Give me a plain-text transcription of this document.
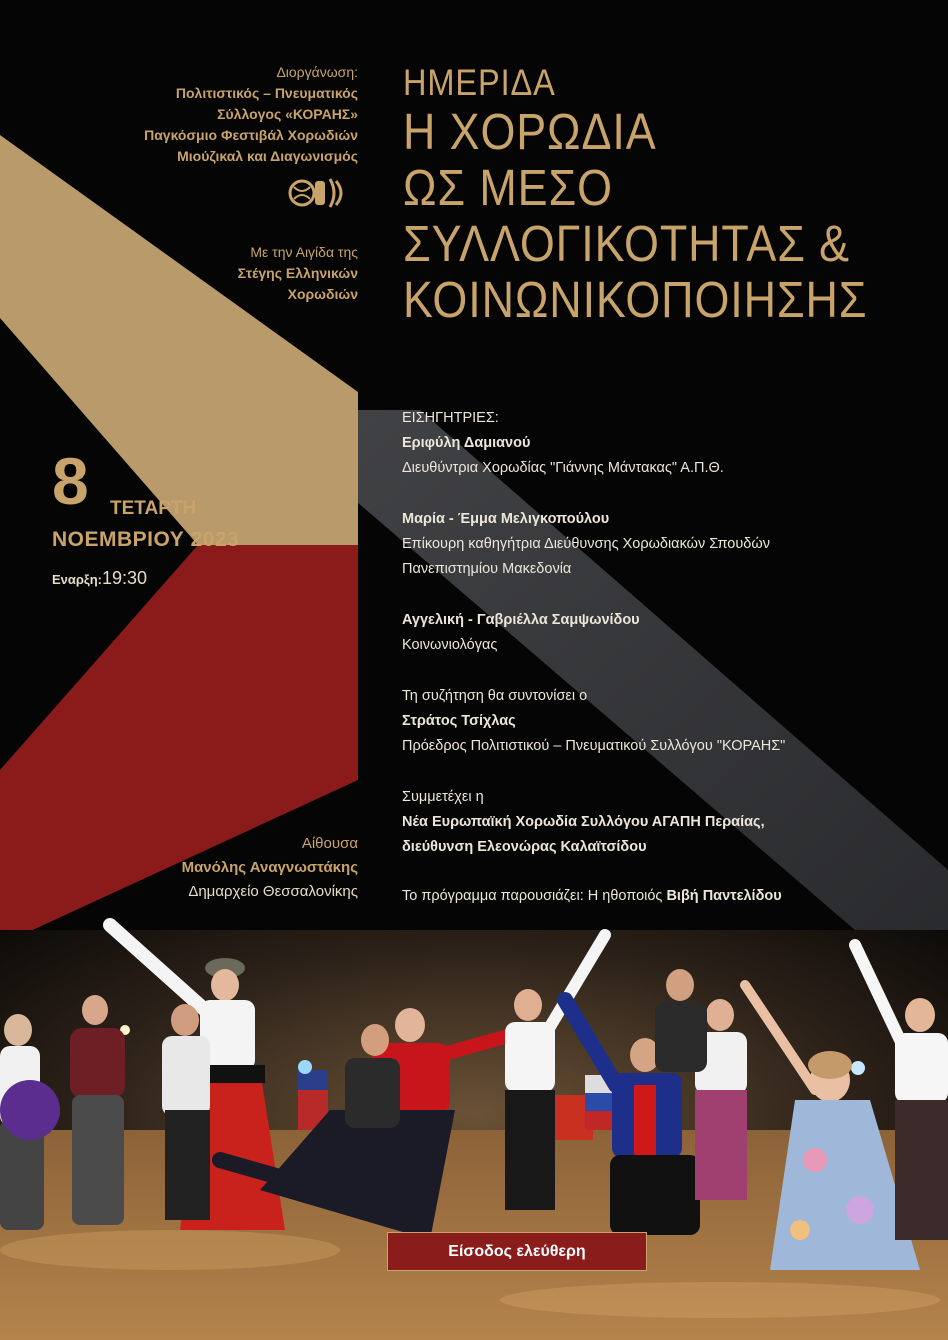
Διοργάνωση:
Πολιτιστικός – Πνευματικός
Σύλλογος «ΚΟΡΑΗΣ»
Παγκόσμιο Φεστιβάλ Χορωδιών
Μιούζικαλ και Διαγωνισμός
Με την Αιγίδα της
Στέγης Ελληνικών
Χορωδιών
ΗΜΕΡΙΔΑ
Η ΧΟΡΩΔΙΑ
ΩΣ ΜΕΣΟ
ΣΥΛΛΟΓΙΚΟΤΗΤΑΣ &
ΚΟΙΝΩΝΙΚΟΠΟΙΗΣΗΣ
8 ΤΕΤΑΡΤΗ
ΝΟΕΜΒΡΙΟΥ 2023
Εναρξη:19:30
ΕΙΣΗΓΗΤΡΙΕΣ:
Εριφύλη Δαμιανού
Διευθύντρια Χορωδίας "Γιάννης Μάντακας" Α.Π.Θ.
Μαρία - Έμμα Μελιγκοπούλου
Επίκουρη καθηγήτρια Διεύθυνσης Χορωδιακών Σπουδών
Πανεπιστημίου Μακεδονία
Αγγελική - Γαβριέλλα Σαμψωνίδου
Κοινωνιολόγας
Τη συζήτηση θα συντονίσει ο
Στράτος Τσίχλας
Πρόεδρος Πολιτιστικού – Πνευματικού Συλλόγου "ΚΟΡΑΗΣ"
Συμμετέχει η
Νέα Ευρωπαϊκή Χορωδία Συλλόγου ΑΓΑΠΗ Περαίας,
διεύθυνση Ελεονώρας Καλαϊτσίδου
Το πρόγραμμα παρουσιάζει: Η ηθοποιός Βιβή Παντελίδου
Αίθουσα
Μανόλης Αναγνωστάκης
Δημαρχείο Θεσσαλονίκης
Είσοδος ελεύθερη
